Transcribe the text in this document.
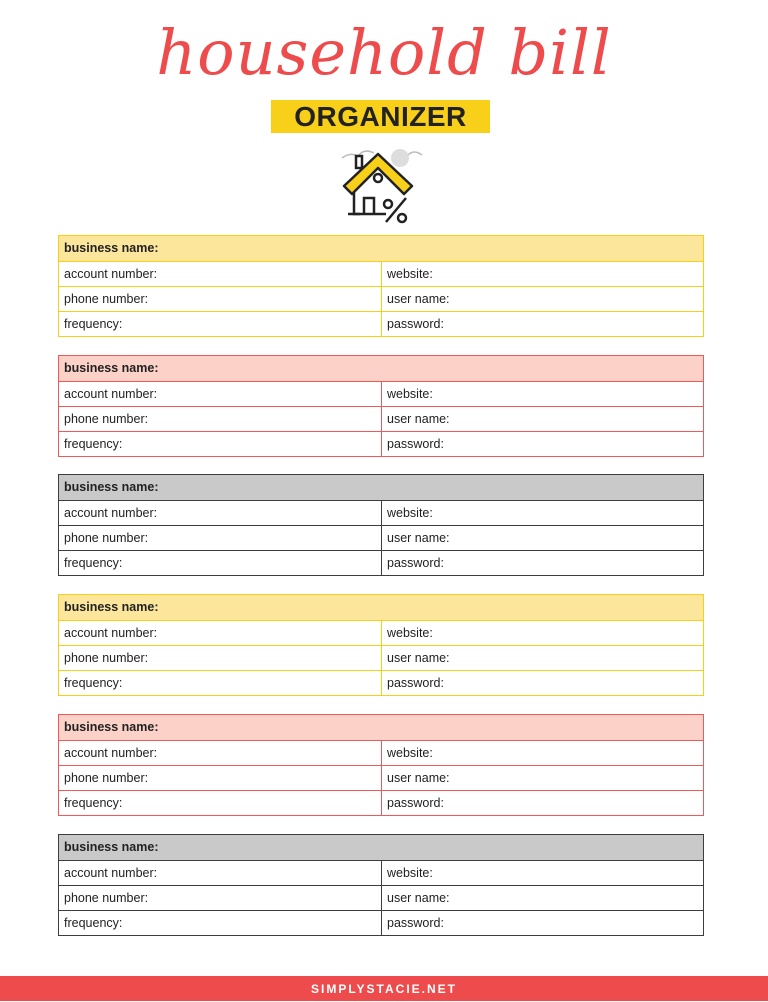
household bill
ORGANIZER
business name:
account number:	website:
phone number:	user name:
frequency:	password:
business name:
account number:	website:
phone number:	user name:
frequency:	password:
business name:
account number:	website:
phone number:	user name:
frequency:	password:
business name:
account number:	website:
phone number:	user name:
frequency:	password:
business name:
account number:	website:
phone number:	user name:
frequency:	password:
business name:
account number:	website:
phone number:	user name:
frequency:	password:
SIMPLYSTACIE.NET
